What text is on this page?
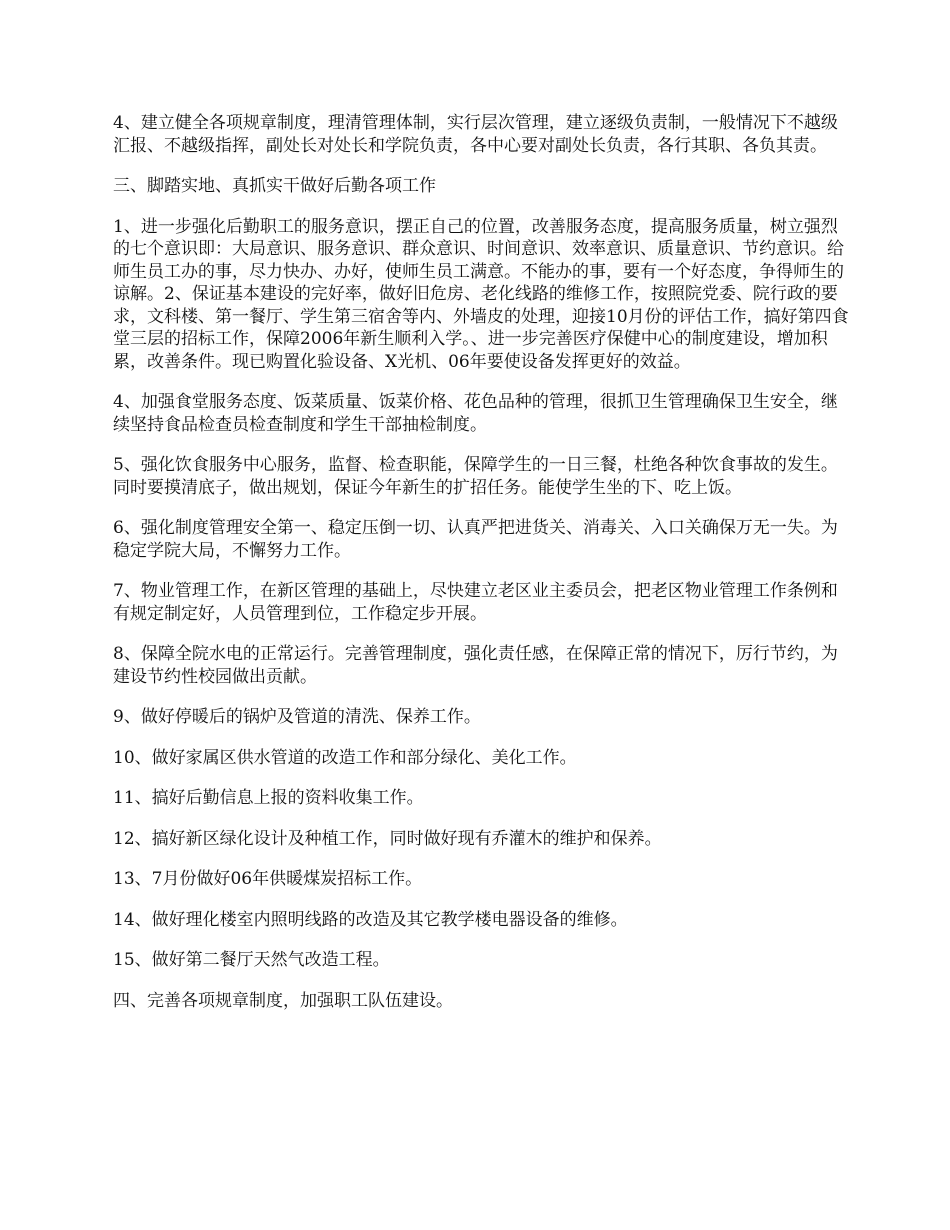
4、建立健全各项规章制度，理清管理体制，实行层次管理，建立逐级负责制，一般情况下不越级汇报、不越级指挥，副处长对处长和学院负责，各中心要对副处长负责，各行其职、各负其责。

三、脚踏实地、真抓实干做好后勤各项工作

1、进一步强化后勤职工的服务意识，摆正自己的位置，改善服务态度，提高服务质量，树立强烈的七个意识即：大局意识、服务意识、群众意识、时间意识、效率意识、质量意识、节约意识。给师生员工办的事，尽力快办、办好，使师生员工满意。不能办的事，要有一个好态度，争得师生的谅解。2、保证基本建设的完好率，做好旧危房、老化线路的维修工作，按照院党委、院行政的要求，文科楼、第一餐厅、学生第三宿舍等内、外墙皮的处理，迎接10月份的评估工作，搞好第四食堂三层的招标工作，保障2006年新生顺利入学。、进一步完善医疗保健中心的制度建设，增加积累，改善条件。现已购置化验设备、X光机、06年要使设备发挥更好的效益。

4、加强食堂服务态度、饭菜质量、饭菜价格、花色品种的管理，很抓卫生管理确保卫生安全，继续坚持食品检查员检查制度和学生干部抽检制度。

5、强化饮食服务中心服务，监督、检查职能，保障学生的一日三餐，杜绝各种饮食事故的发生。同时要摸清底子，做出规划，保证今年新生的扩招任务。能使学生坐的下、吃上饭。

6、强化制度管理安全第一、稳定压倒一切、认真严把进货关、消毒关、入口关确保万无一失。为稳定学院大局，不懈努力工作。

7、物业管理工作，在新区管理的基础上，尽快建立老区业主委员会，把老区物业管理工作条例和有规定制定好，人员管理到位，工作稳定步开展。

8、保障全院水电的正常运行。完善管理制度，强化责任感，在保障正常的情况下，厉行节约，为建设节约性校园做出贡献。

9、做好停暖后的锅炉及管道的清洗、保养工作。

10、做好家属区供水管道的改造工作和部分绿化、美化工作。

11、搞好后勤信息上报的资料收集工作。

12、搞好新区绿化设计及种植工作，同时做好现有乔灌木的维护和保养。

13、7月份做好06年供暖煤炭招标工作。

14、做好理化楼室内照明线路的改造及其它教学楼电器设备的维修。

15、做好第二餐厅天然气改造工程。

四、完善各项规章制度，加强职工队伍建设。
